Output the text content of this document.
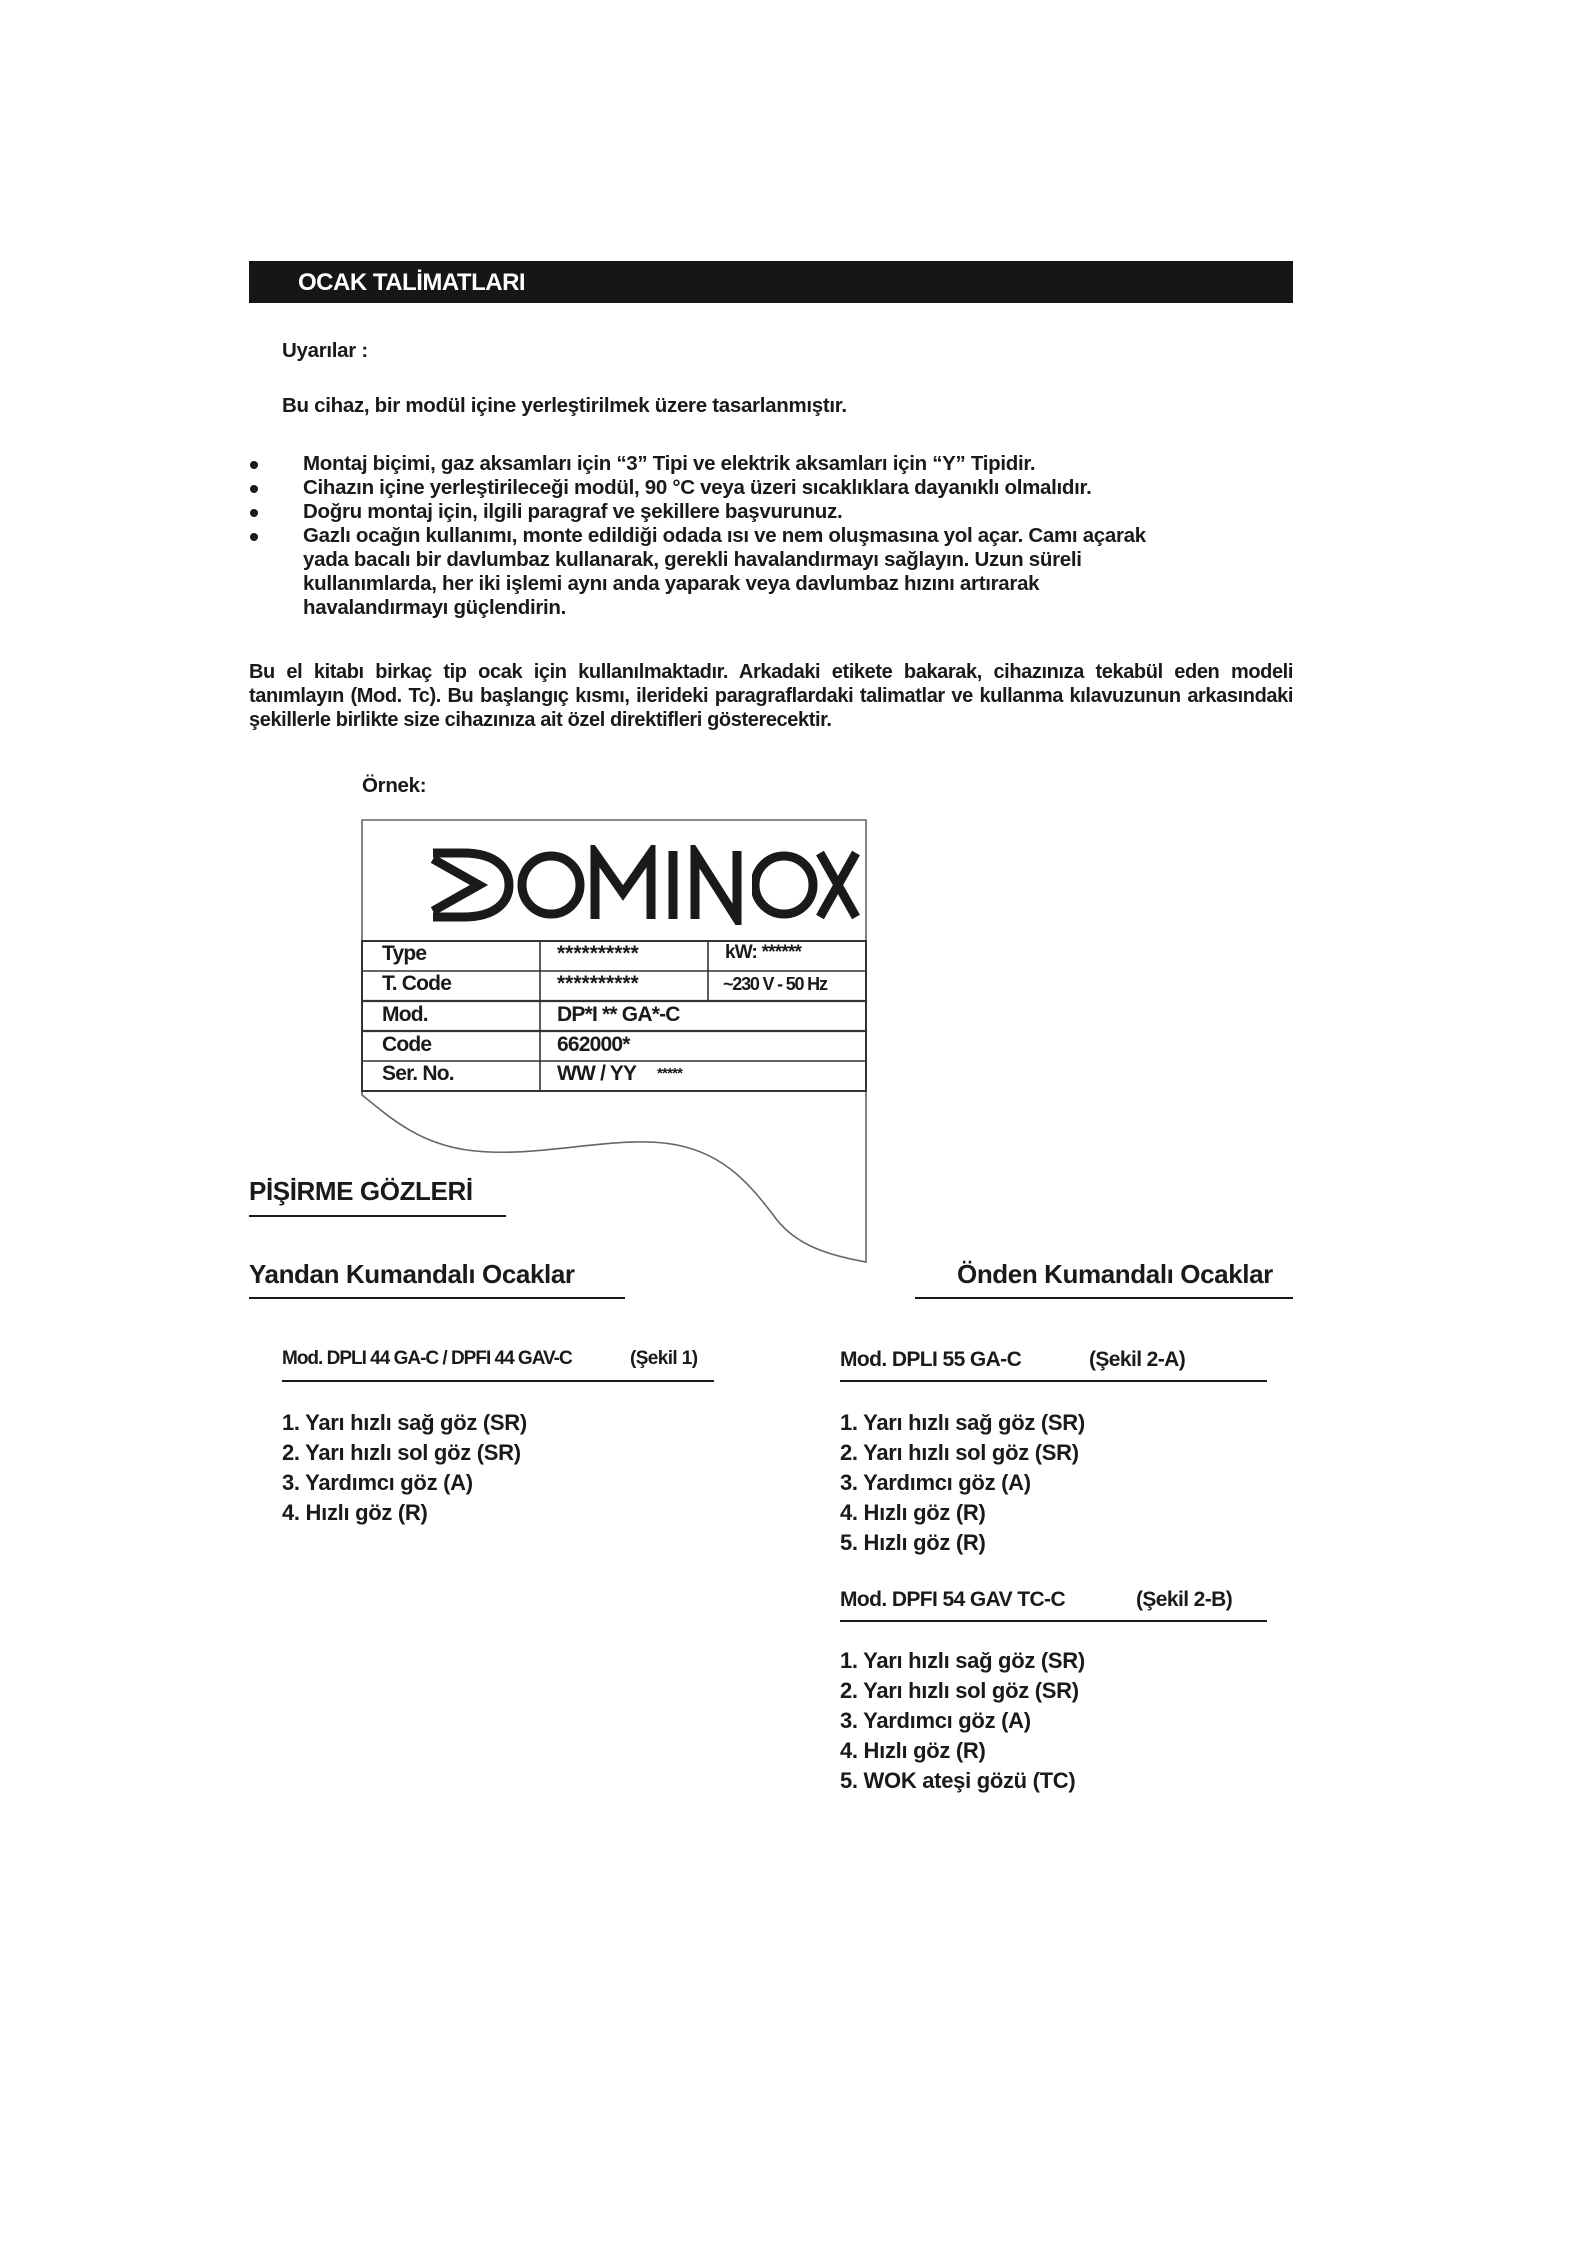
OCAK TALİMATLARI
Uyarılar :
Bu cihaz, bir modül içine yerleştirilmek üzere tasarlanmıştır.
Montaj biçimi, gaz aksamları için “3” Tipi ve elektrik aksamları için “Y” Tipidir.
Cihazın içine yerleştirileceği modül, 90 °C veya üzeri sıcaklıklara dayanıklı olmalıdır.
Doğru montaj için, ilgili paragraf ve şekillere başvurunuz.
Gazlı ocağın kullanımı, monte edildiği odada ısı ve nem oluşmasına yol açar. Camı açarak
yada bacalı bir davlumbaz kullanarak, gerekli havalandırmayı sağlayın. Uzun süreli
kullanımlarda, her iki işlemi aynı anda yaparak veya davlumbaz hızını artırarak
havalandırmayı güçlendirin.
Bu el kitabı birkaç tip ocak için kullanılmaktadır. Arkadaki etikete bakarak, cihazınıza tekabül eden modeli tanımlayın (Mod. Tc). Bu başlangıç kısmı, ilerideki paragraflardaki talimatlar ve kullanma kılavuzunun arkasındaki şekillerle birlikte size cihazınıza ait özel direktifleri gösterecektir.
Örnek:
Type	**********	kW: ******
T. Code	**********	~230 V - 50 Hz
Mod.	DP*I ** GA*-C
Code	662000*
Ser. No.	WW / YY *****
PİŞİRME GÖZLERİ
Yandan Kumandalı Ocaklar	Önden Kumandalı Ocaklar
Mod. DPLI 44 GA-C / DPFI 44 GAV-C	(Şekil 1)
1. Yarı hızlı sağ göz (SR)
2. Yarı hızlı sol göz (SR)
3. Yardımcı göz (A)
4. Hızlı göz (R)
Mod. DPLI 55 GA-C	(Şekil 2-A)
1. Yarı hızlı sağ göz (SR)
2. Yarı hızlı sol göz (SR)
3. Yardımcı göz (A)
4. Hızlı göz (R)
5. Hızlı göz (R)
Mod. DPFI 54 GAV TC-C	(Şekil 2-B)
1. Yarı hızlı sağ göz (SR)
2. Yarı hızlı sol göz (SR)
3. Yardımcı göz (A)
4. Hızlı göz (R)
5. WOK ateşi gözü (TC)
